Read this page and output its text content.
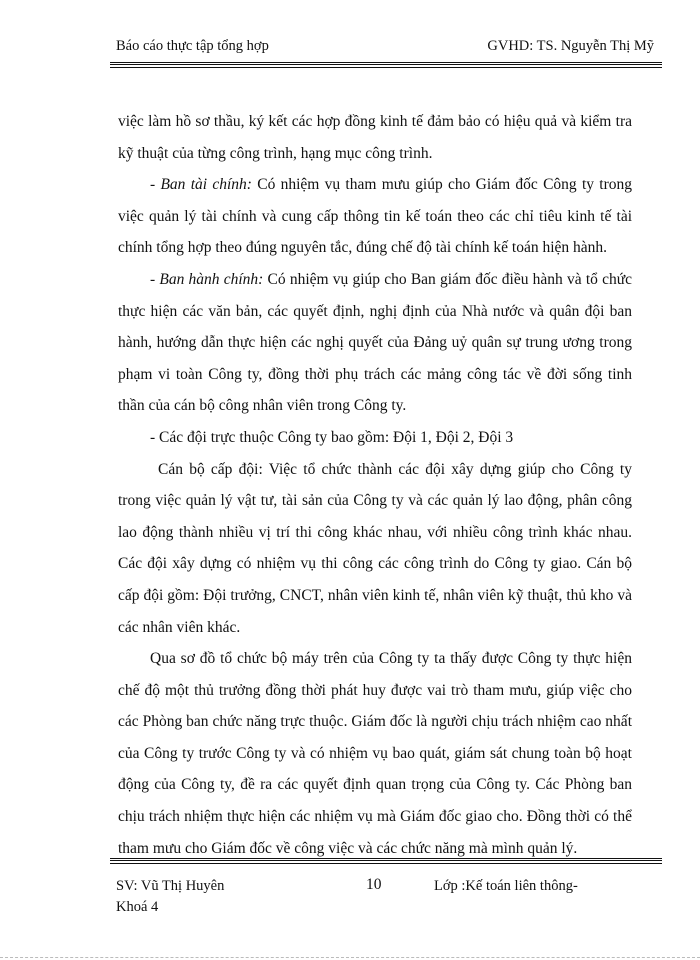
Báo cáo thực tập tổng hợp	GVHD: TS. Nguyễn Thị Mỹ

việc làm hồ sơ thầu, ký kết các hợp đồng kinh tế đảm bảo có hiệu quả và kiểm tra kỹ thuật của từng công trình, hạng mục công trình.

- Ban tài chính: Có nhiệm vụ tham mưu giúp cho Giám đốc Công ty trong việc quản lý tài chính và cung cấp thông tin kế toán theo các chỉ tiêu kinh tế tài chính tổng hợp theo đúng nguyên tắc, đúng chế độ tài chính kế toán hiện hành.

- Ban hành chính: Có nhiệm vụ giúp cho Ban giám đốc điều hành và tổ chức thực hiện các văn bản, các quyết định, nghị định của Nhà nước và quân đội ban hành, hướng dẫn thực hiện các nghị quyết của Đảng uỷ quân sự trung ương trong phạm vi toàn Công ty, đồng thời phụ trách các mảng công tác về đời sống tinh thần của cán bộ công nhân viên trong Công ty.

- Các đội trực thuộc Công ty bao gồm: Đội 1, Đội 2, Đội 3

Cán bộ cấp đội: Việc tổ chức thành các đội xây dựng giúp cho Công ty trong việc quản lý vật tư, tài sản của Công ty và các quản lý lao động, phân công lao động thành nhiều vị trí thi công khác nhau, với nhiều công trình khác nhau. Các đội xây dựng có nhiệm vụ thi công các công trình do Công ty giao. Cán bộ cấp đội gồm: Đội trưởng, CNCT, nhân viên kinh tế, nhân viên kỹ thuật, thủ kho và các nhân viên khác.

Qua sơ đồ tổ chức bộ máy trên của Công ty ta thấy được Công ty thực hiện chế độ một thủ trưởng đồng thời phát huy được vai trò tham mưu, giúp việc cho các Phòng ban chức năng trực thuộc. Giám đốc là người chịu trách nhiệm cao nhất của Công ty trước Công ty và có nhiệm vụ bao quát, giám sát chung toàn bộ hoạt động của Công ty, đề ra các quyết định quan trọng của Công ty. Các Phòng ban chịu trách nhiệm thực hiện các nhiệm vụ mà Giám đốc giao cho. Đồng thời có thể tham mưu cho Giám đốc về công việc và các chức năng mà mình quản lý.

SV: Vũ Thị Huyên
Khoá 4
10	Lớp :Kế toán liên thông-
